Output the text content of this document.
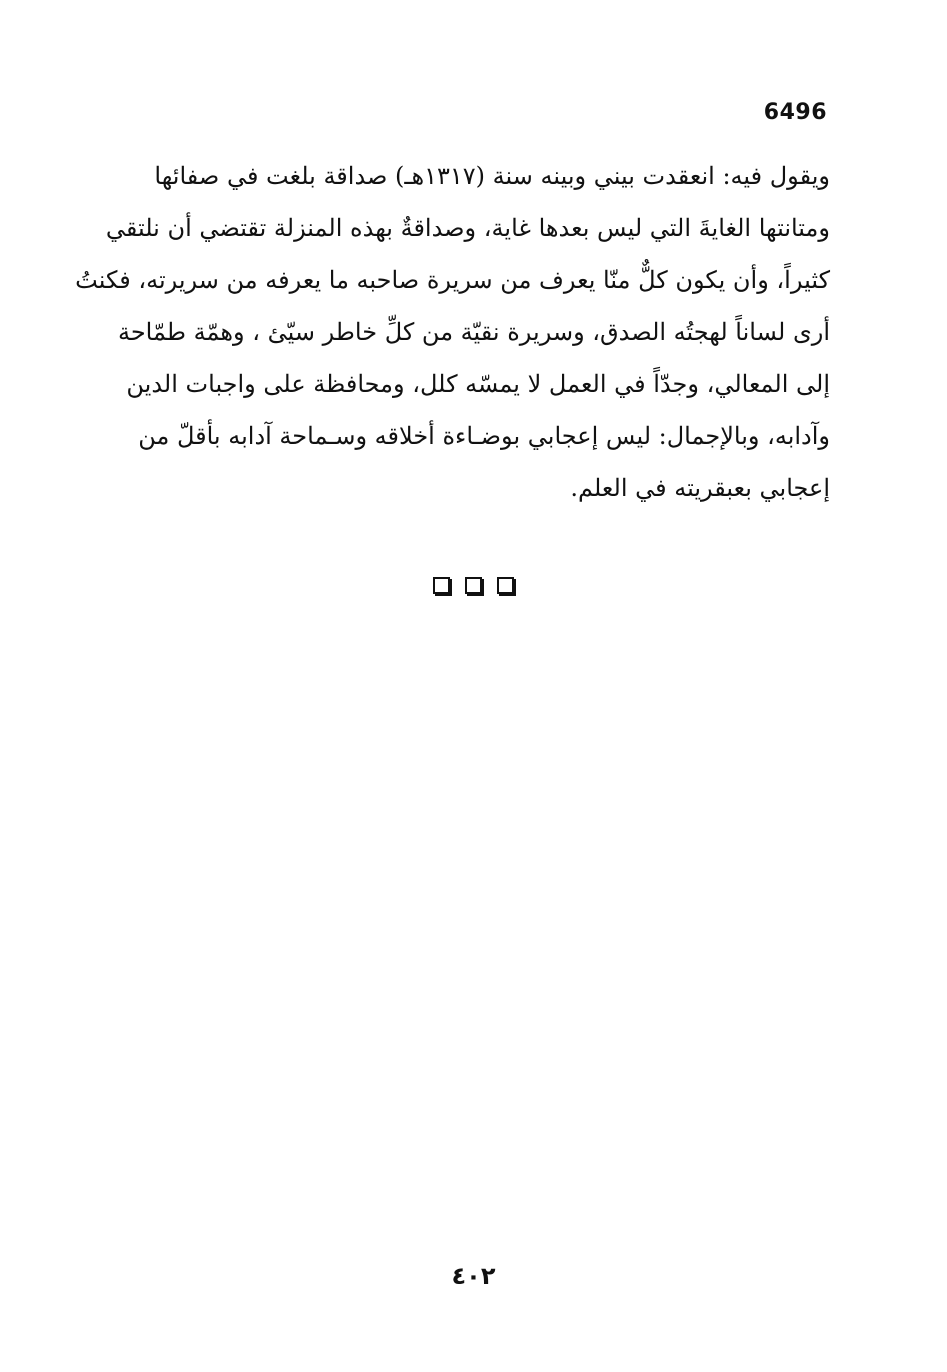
6496
ويقول فيه: انعقدت بيني وبينه سنة (١٣١٧هـ) صداقة بلغت في صفائها
ومتانتها الغايةَ التي ليس بعدها غاية، وصداقةٌ بهذه المنزلة تقتضي أن نلتقي
كثيراً، وأن يكون كلٌّ منّا يعرف من سريرة صاحبه ما يعرفه من سريرته، فكنتُ
أرى لساناً لهجتُه الصدق، وسريرة نقيّة من كلِّ خاطر سيّئ ، وهمّة طمّاحة
إلى المعالي، وجدّاً في العمل لا يمسّه كلل، ومحافظة على واجبات الدين
وآدابه، وبالإجمال: ليس إعجابي بوضـاءة أخلاقه وسـماحة آدابه بأقلّ من
إعجابي بعبقريته في العلم.
٤٠٢
